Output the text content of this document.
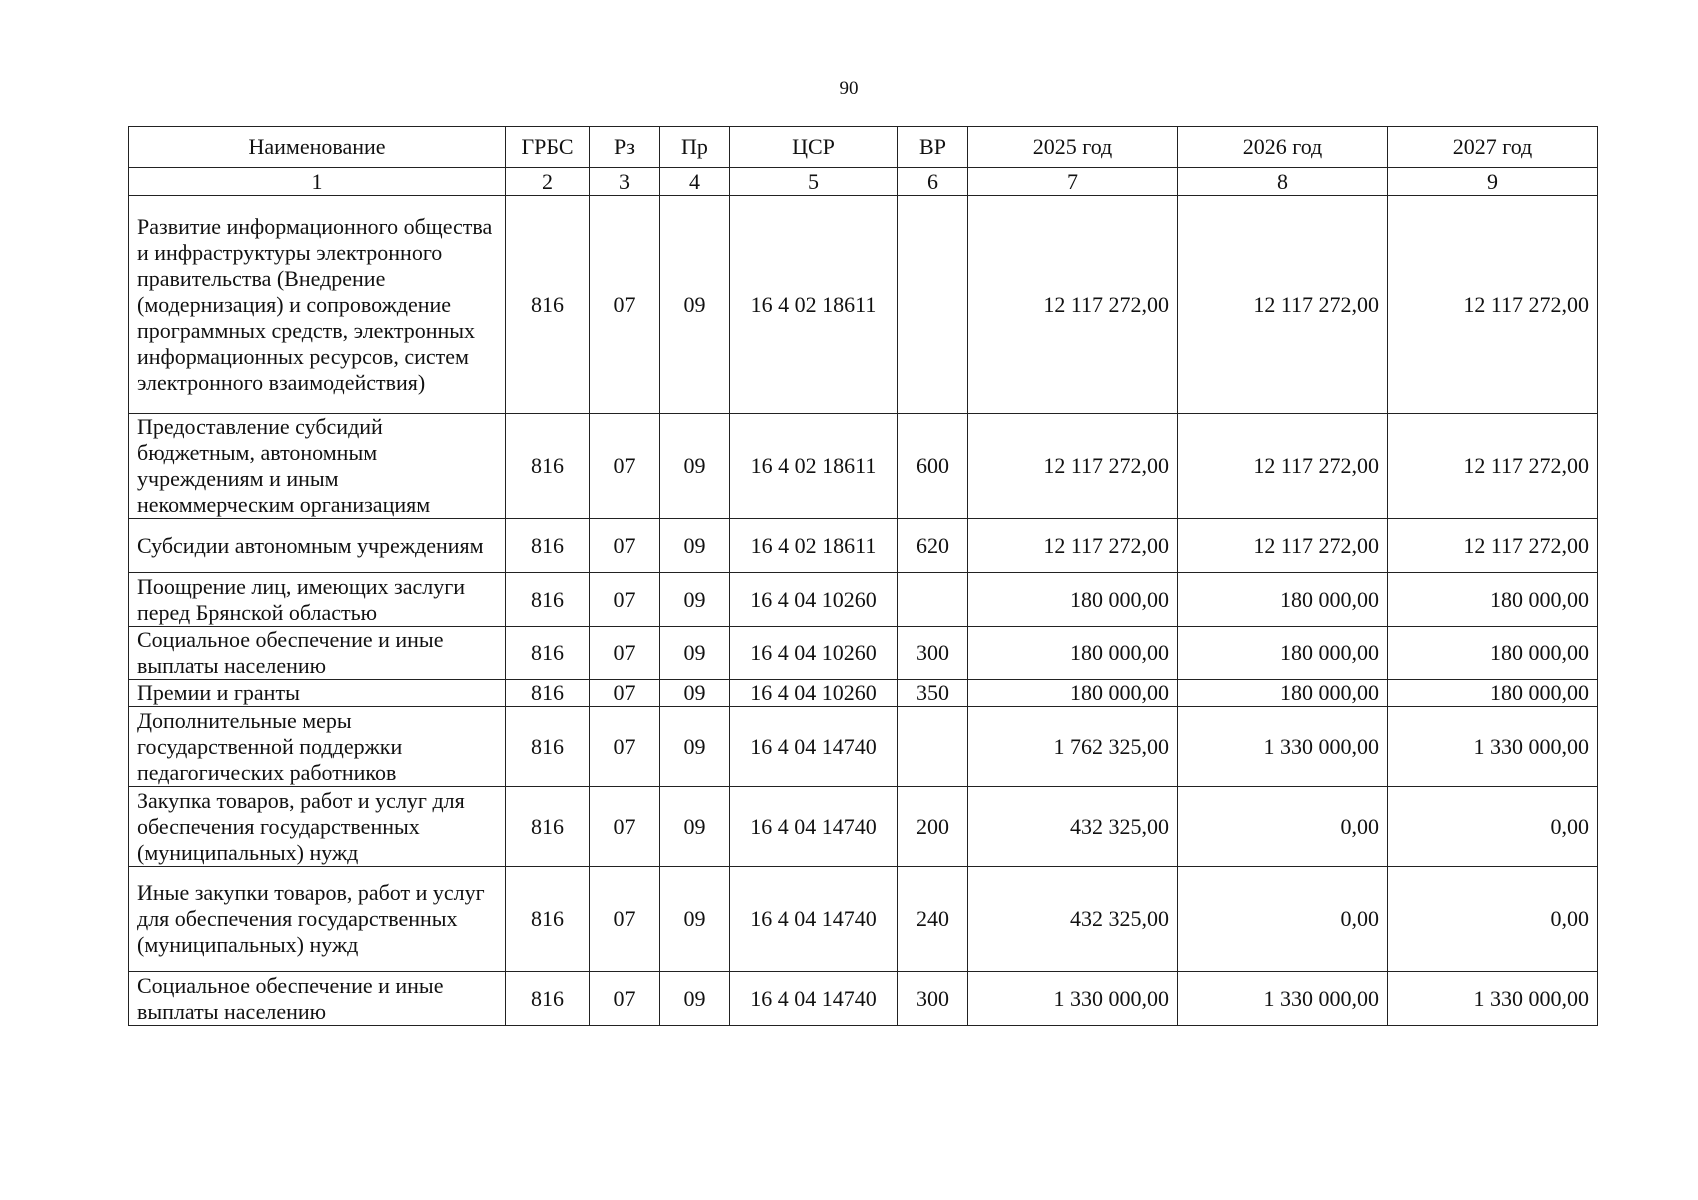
90
Наименование	ГРБС	Рз	Пр	ЦСР	ВР	2025 год	2026 год	2027 год
1	2	3	4	5	6	7	8	9
Развитие информационного общества и инфраструктуры электронного правительства (Внедрение (модернизация) и сопровождение программных средств, электронных информационных ресурсов, систем электронного взаимодействия)	816	07	09	16 4 02 18611		12 117 272,00	12 117 272,00	12 117 272,00
Предоставление субсидий бюджетным, автономным учреждениям и иным некоммерческим организациям	816	07	09	16 4 02 18611	600	12 117 272,00	12 117 272,00	12 117 272,00
Субсидии автономным учреждениям	816	07	09	16 4 02 18611	620	12 117 272,00	12 117 272,00	12 117 272,00
Поощрение лиц, имеющих заслуги перед Брянской областью	816	07	09	16 4 04 10260		180 000,00	180 000,00	180 000,00
Социальное обеспечение и иные выплаты населению	816	07	09	16 4 04 10260	300	180 000,00	180 000,00	180 000,00
Премии и гранты	816	07	09	16 4 04 10260	350	180 000,00	180 000,00	180 000,00
Дополнительные меры государственной поддержки педагогических работников	816	07	09	16 4 04 14740		1 762 325,00	1 330 000,00	1 330 000,00
Закупка товаров, работ и услуг для обеспечения государственных (муниципальных) нужд	816	07	09	16 4 04 14740	200	432 325,00	0,00	0,00
Иные закупки товаров, работ и услуг для обеспечения государственных (муниципальных) нужд	816	07	09	16 4 04 14740	240	432 325,00	0,00	0,00
Социальное обеспечение и иные выплаты населению	816	07	09	16 4 04 14740	300	1 330 000,00	1 330 000,00	1 330 000,00
